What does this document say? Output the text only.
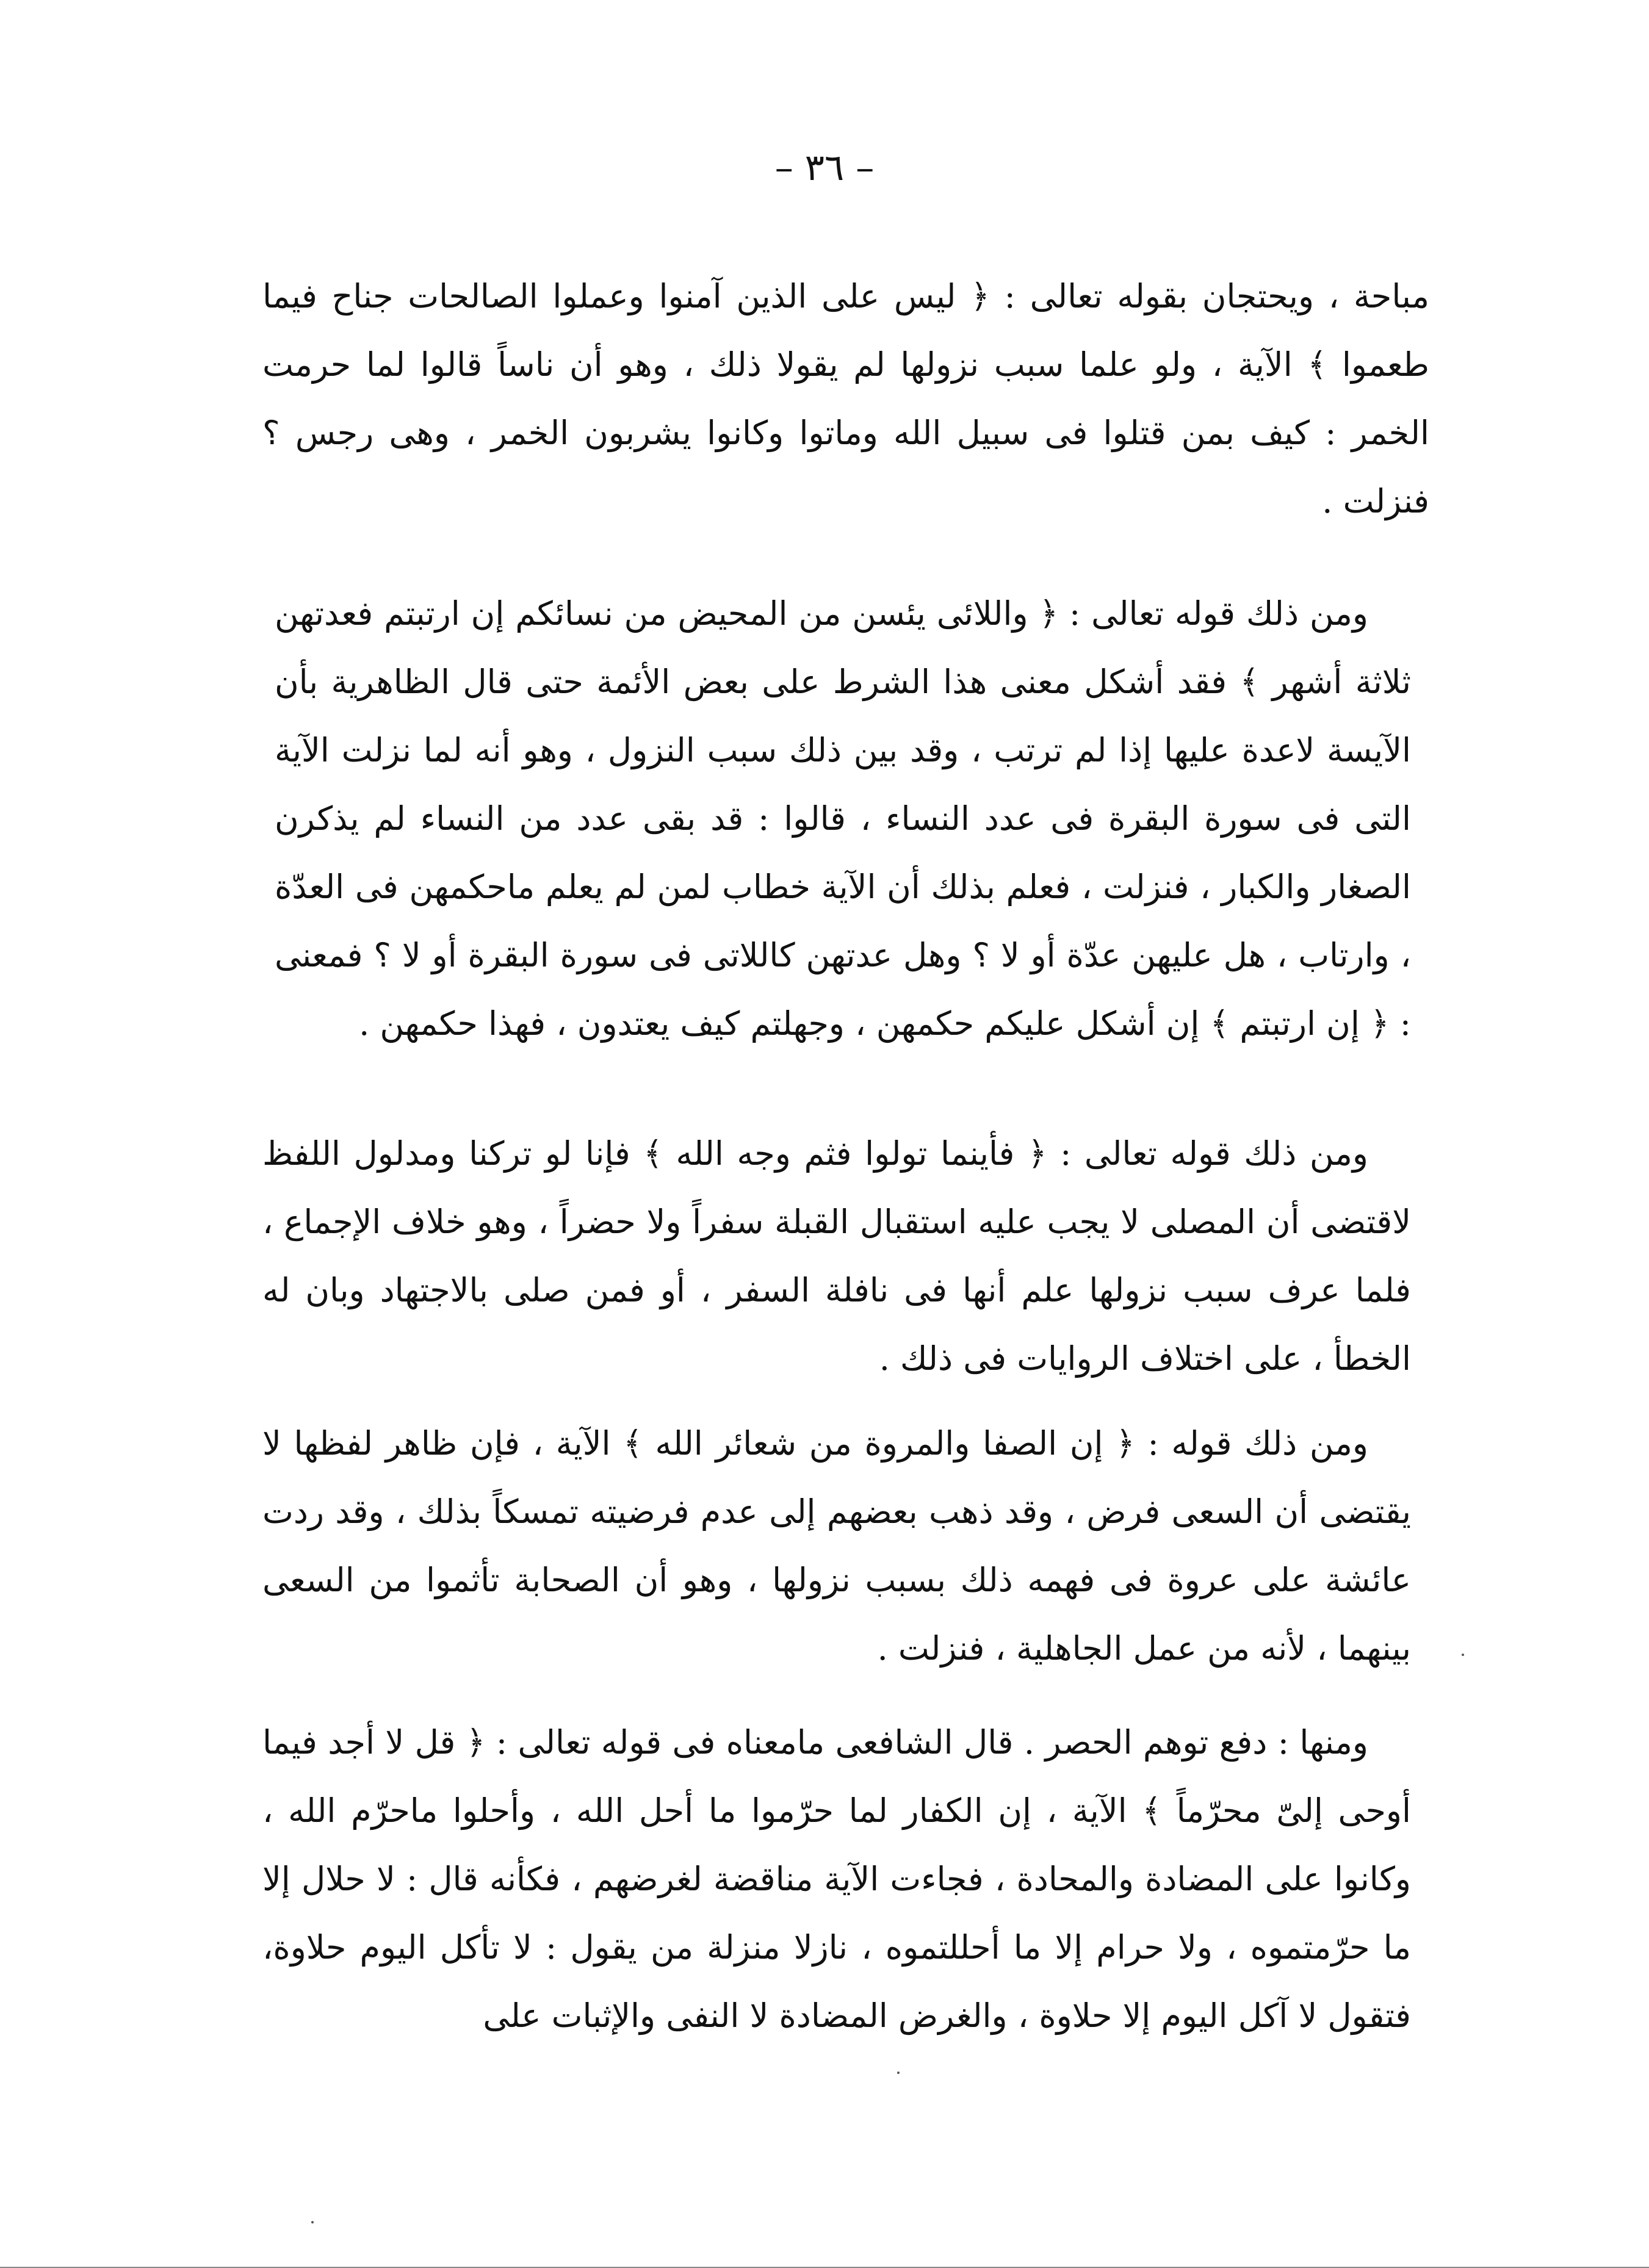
– ٣٦ –

مباحة ، ويحتجان بقوله تعالى : ﴿ ليس على الذين آمنوا وعملوا الصالحات جناح فيما طعموا ﴾ الآية ، ولو علما سبب نزولها لم يقولا ذلك ، وهو أن ناساً قالوا لما حرمت الخمر : كيف بمن قتلوا فى سبيل الله وماتوا وكانوا يشربون الخمر ، وهى رجس ؟ فنزلت .

ومن ذلك قوله تعالى : ﴿ واللائى يئسن من المحيض من نسائكم إن ارتبتم فعدتهن ثلاثة أشهر ﴾ فقد أشكل معنى هذا الشرط على بعض الأئمة حتى قال الظاهرية بأن الآيسة لاعدة عليها إذا لم ترتب ، وقد بين ذلك سبب النزول ، وهو أنه لما نزلت الآية التى فى سورة البقرة فى عدد النساء ، قالوا : قد بقى عدد من النساء لم يذكرن الصغار والكبار ، فنزلت ، فعلم بذلك أن الآية خطاب لمن لم يعلم ماحكمهن فى العدّة ، وارتاب ، هل عليهن عدّة أو لا ؟ وهل عدتهن كاللاتى فى سورة البقرة أو لا ؟ فمعنى : ﴿ إن ارتبتم ﴾ إن أشكل عليكم حكمهن ، وجهلتم كيف يعتدون ، فهذا حكمهن .

ومن ذلك قوله تعالى : ﴿ فأينما تولوا فثم وجه الله ﴾ فإنا لو تركنا ومدلول اللفظ لاقتضى أن المصلى لا يجب عليه استقبال القبلة سفراً ولا حضراً ، وهو خلاف الإجماع ، فلما عرف سبب نزولها علم أنها فى نافلة السفر ، أو فمن صلى بالاجتهاد وبان له الخطأ ، على اختلاف الروايات فى ذلك .

ومن ذلك قوله : ﴿ إن الصفا والمروة من شعائر الله ﴾ الآية ، فإن ظاهر لفظها لا يقتضى أن السعى فرض ، وقد ذهب بعضهم إلى عدم فرضيته تمسكاً بذلك ، وقد ردت عائشة على عروة فى فهمه ذلك بسبب نزولها ، وهو أن الصحابة تأثموا من السعى بينهما ، لأنه من عمل الجاهلية ، فنزلت .

ومنها : دفع توهم الحصر . قال الشافعى مامعناه فى قوله تعالى : ﴿ قل لا أجد فيما أوحى إلىّ محرّماً ﴾ الآية ، إن الكفار لما حرّموا ما أحل الله ، وأحلوا ماحرّم الله ، وكانوا على المضادة والمحادة ، فجاءت الآية مناقضة لغرضهم ، فكأنه قال : لا حلال إلا ما حرّمتموه ، ولا حرام إلا ما أحللتموه ، نازلا منزلة من يقول : لا تأكل اليوم حلاوة، فتقول لا آكل اليوم إلا حلاوة ، والغرض المضادة لا النفى والإثبات على
